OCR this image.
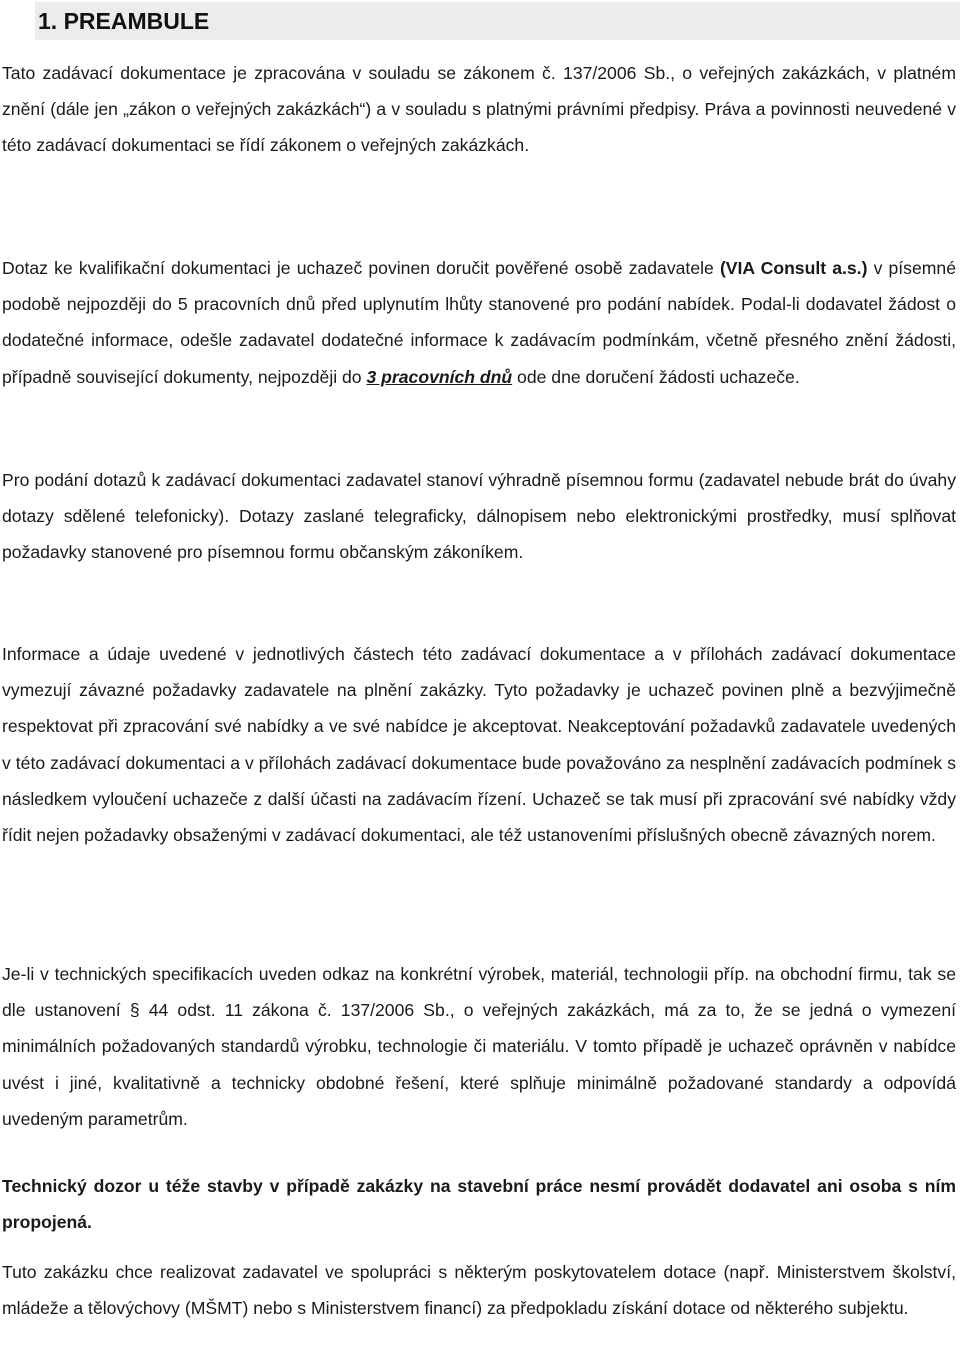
1. PREAMBULE

Tato zadávací dokumentace je zpracována v souladu se zákonem č. 137/2006 Sb., o veřejných zakázkách, v platném znění (dále jen „zákon o veřejných zakázkách“) a v souladu s platnými právními předpisy. Práva a povinnosti neuvedené v této zadávací dokumentaci se řídí zákonem o veřejných zakázkách.

Dotaz ke kvalifikační dokumentaci je uchazeč povinen doručit pověřené osobě zadavatele (VIA Consult a.s.) v písemné podobě nejpozději do 5 pracovních dnů před uplynutím lhůty stanovené pro podání nabídek. Podal-li dodavatel žádost o dodatečné informace, odešle zadavatel dodatečné informace k zadávacím podmínkám, včetně přesného znění žádosti, případně související dokumenty, nejpozději do 3 pracovních dnů ode dne doručení žádosti uchazeče.

Pro podání dotazů k zadávací dokumentaci zadavatel stanoví výhradně písemnou formu (zadavatel nebude brát do úvahy dotazy sdělené telefonicky). Dotazy zaslané telegraficky, dálnopisem nebo elektronickými prostředky, musí splňovat požadavky stanovené pro písemnou formu občanským zákoníkem.

Informace a údaje uvedené v jednotlivých částech této zadávací dokumentace a v přílohách zadávací dokumentace vymezují závazné požadavky zadavatele na plnění zakázky. Tyto požadavky je uchazeč povinen plně a bezvýjimečně respektovat při zpracování své nabídky a ve své nabídce je akceptovat. Neakceptování požadavků zadavatele uvedených v této zadávací dokumentaci a v přílohách zadávací dokumentace bude považováno za nesplnění zadávacích podmínek s následkem vyloučení uchazeče z další účasti na zadávacím řízení. Uchazeč se tak musí při zpracování své nabídky vždy řídit nejen požadavky obsaženými v zadávací dokumentaci, ale též ustanoveními příslušných obecně závazných norem.

Je-li v technických specifikacích uveden odkaz na konkrétní výrobek, materiál, technologii příp. na obchodní firmu, tak se dle ustanovení § 44 odst. 11 zákona č. 137/2006 Sb., o veřejných zakázkách, má za to, že se jedná o vymezení minimálních požadovaných standardů výrobku, technologie či materiálu. V tomto případě je uchazeč oprávněn v nabídce uvést i jiné, kvalitativně a technicky obdobné řešení, které splňuje minimálně požadované standardy a odpovídá uvedeným parametrům.

Technický dozor u téže stavby v případě zakázky na stavební práce nesmí provádět dodavatel ani osoba s ním propojená.

Tuto zakázku chce realizovat zadavatel ve spolupráci s některým poskytovatelem dotace (např. Ministerstvem školství, mládeže a tělovýchovy (MŠMT) nebo s Ministerstvem financí) za předpokladu získání dotace od některého subjektu.
